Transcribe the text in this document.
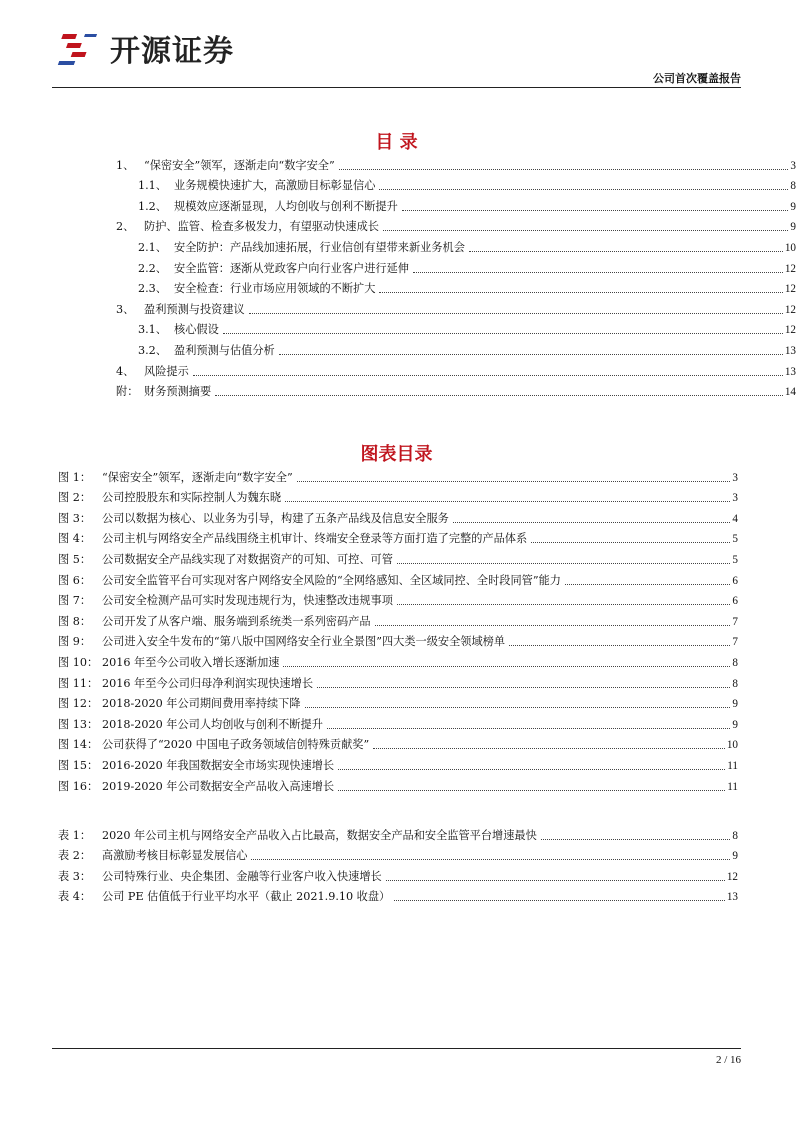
开源证券
公司首次覆盖报告
目 录
1、 “保密安全”领军，逐渐走向“数字安全”	3
1.1、 业务规模快速扩大，高激励目标彰显信心	8
1.2、 规模效应逐渐显现，人均创收与创利不断提升	9
2、 防护、监管、检查多极发力，有望驱动快速成长	9
2.1、 安全防护：产品线加速拓展，行业信创有望带来新业务机会	10
2.2、 安全监管：逐渐从党政客户向行业客户进行延伸	12
2.3、 安全检查：行业市场应用领域的不断扩大	12
3、 盈利预测与投资建议	12
3.1、 核心假设	12
3.2、 盈利预测与估值分析	13
4、 风险提示	13
附： 财务预测摘要	14
图表目录
图 1： “保密安全”领军，逐渐走向“数字安全”	3
图 2： 公司控股股东和实际控制人为魏东晓	3
图 3： 公司以数据为核心、以业务为引导，构建了五条产品线及信息安全服务	4
图 4： 公司主机与网络安全产品线围绕主机审计、终端安全登录等方面打造了完整的产品体系	5
图 5： 公司数据安全产品线实现了对数据资产的可知、可控、可管	5
图 6： 公司安全监管平台可实现对客户网络安全风险的“全网络感知、全区域同控、全时段同管”能力	6
图 7： 公司安全检测产品可实时发现违规行为，快速整改违规事项	6
图 8： 公司开发了从客户端、服务端到系统类一系列密码产品	7
图 9： 公司进入安全牛发布的“第八版中国网络安全行业全景图”四大类一级安全领域榜单	7
图 10： 2016 年至今公司收入增长逐渐加速	8
图 11： 2016 年至今公司归母净利润实现快速增长	8
图 12： 2018-2020 年公司期间费用率持续下降	9
图 13： 2018-2020 年公司人均创收与创利不断提升	9
图 14： 公司获得了“2020 中国电子政务领域信创特殊贡献奖”	10
图 15： 2016-2020 年我国数据安全市场实现快速增长	11
图 16： 2019-2020 年公司数据安全产品收入高速增长	11
表 1： 2020 年公司主机与网络安全产品收入占比最高，数据安全产品和安全监管平台增速最快	8
表 2： 高激励考核目标彰显发展信心	9
表 3： 公司特殊行业、央企集团、金融等行业客户收入快速增长	12
表 4： 公司 PE 估值低于行业平均水平（截止 2021.9.10 收盘）	13
2 / 16
